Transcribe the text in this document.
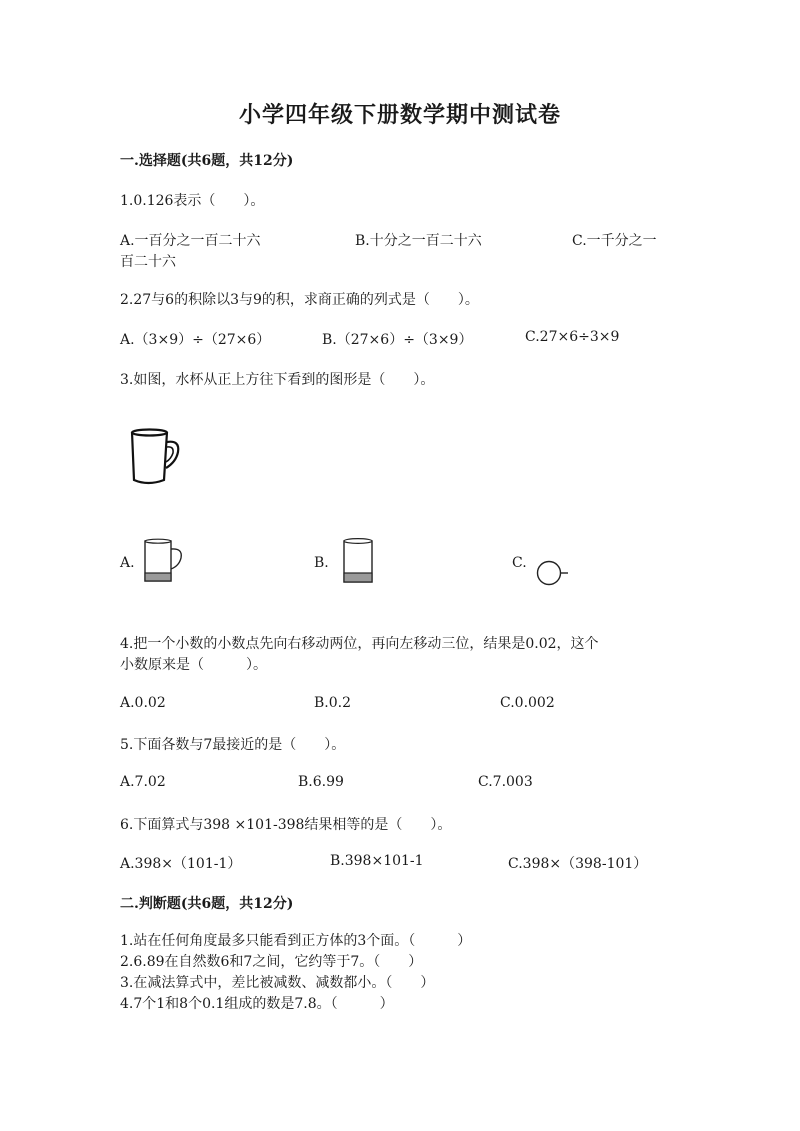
小学四年级下册数学期中测试卷
一.选择题(共6题，共12分)
1.0.126表示（　　）。
A.一百分之一百二十六	B.十分之一百二十六	C.一千分之一
百二十六
2.27与6的积除以3与9的积，求商正确的列式是（　　）。
A.（3×9）÷（27×6）	B.（27×6）÷（3×9）	C.27×6÷3×9
3.如图，水杯从正上方往下看到的图形是（　　）。
A.	B.	C.
4.把一个小数的小数点先向右移动两位，再向左移动三位，结果是0.02，这个
小数原来是（　　　）。
A.0.02	B.0.2	C.0.002
5.下面各数与7最接近的是（　　）。
A.7.02	B.6.99	C.7.003
6.下面算式与398 ×101-398结果相等的是（　　）。
A.398×（101-1）	B.398×101-1	C.398×（398-101）
二.判断题(共6题，共12分)
1.站在任何角度最多只能看到正方体的3个面。（　　　）
2.6.89在自然数6和7之间，它约等于7。（　　）
3.在减法算式中，差比被减数、减数都小。（　　）
4.7个1和8个0.1组成的数是7.8。（　　　）
